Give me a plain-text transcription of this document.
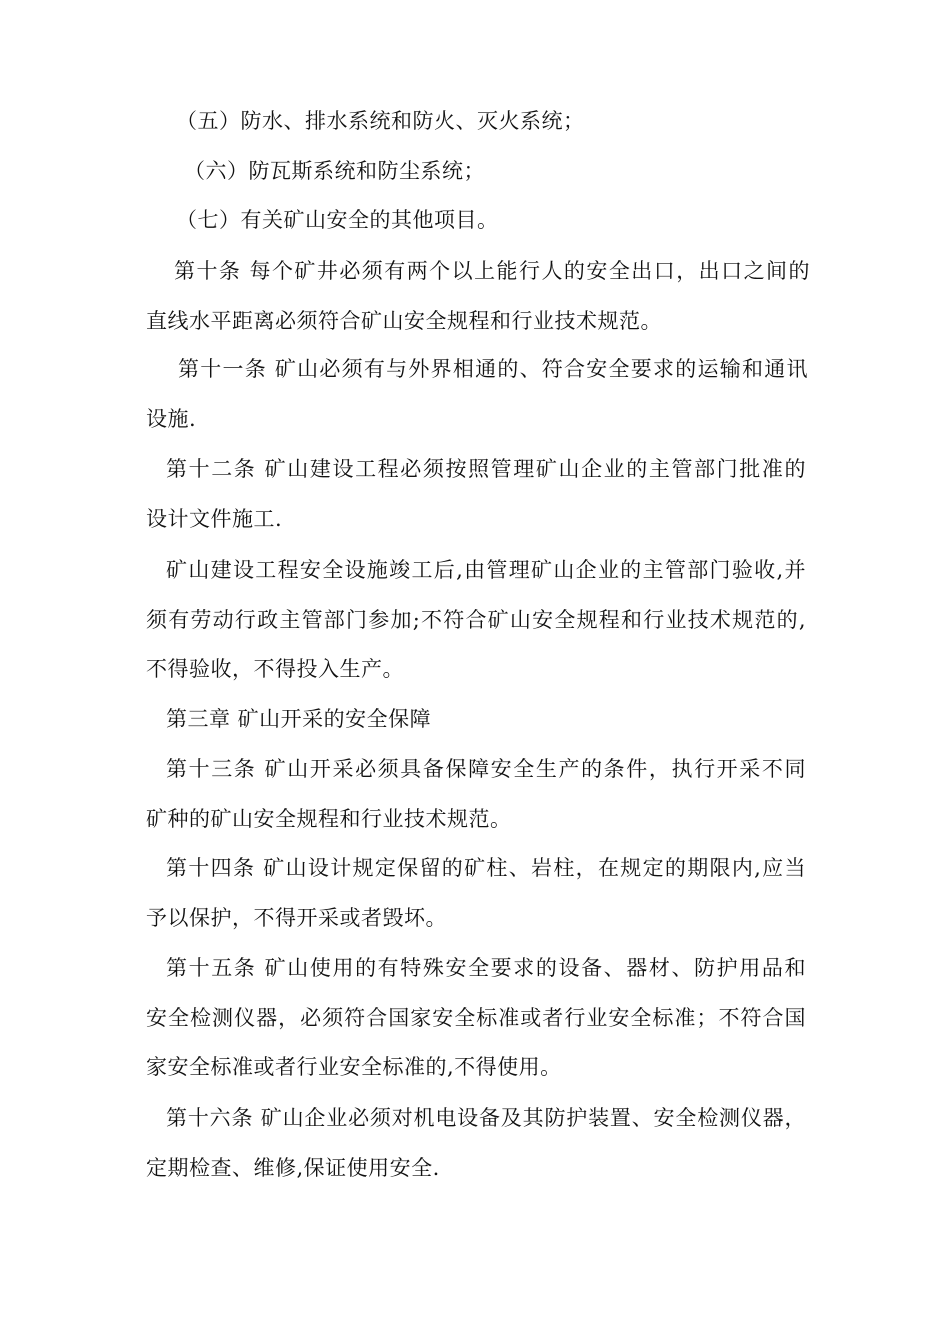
（五）防水、排水系统和防火、灭火系统；
（六）防瓦斯系统和防尘系统；
（七）有关矿山安全的其他项目。
第十条 每个矿井必须有两个以上能行人的安全出口，出口之间的
直线水平距离必须符合矿山安全规程和行业技术规范。
第十一条 矿山必须有与外界相通的、符合安全要求的运输和通讯
设施.
第十二条 矿山建设工程必须按照管理矿山企业的主管部门批准的
设计文件施工.
矿山建设工程安全设施竣工后,由管理矿山企业的主管部门验收,并
须有劳动行政主管部门参加;不符合矿山安全规程和行业技术规范的,
不得验收，不得投入生产。
第三章 矿山开采的安全保障
第十三条 矿山开采必须具备保障安全生产的条件，执行开采不同
矿种的矿山安全规程和行业技术规范。
第十四条 矿山设计规定保留的矿柱、岩柱，在规定的期限内,应当
予以保护，不得开采或者毁坏。
第十五条 矿山使用的有特殊安全要求的设备、器材、防护用品和
安全检测仪器，必须符合国家安全标准或者行业安全标准；不符合国
家安全标准或者行业安全标准的,不得使用。
第十六条 矿山企业必须对机电设备及其防护装置、安全检测仪器，
定期检查、维修,保证使用安全.
